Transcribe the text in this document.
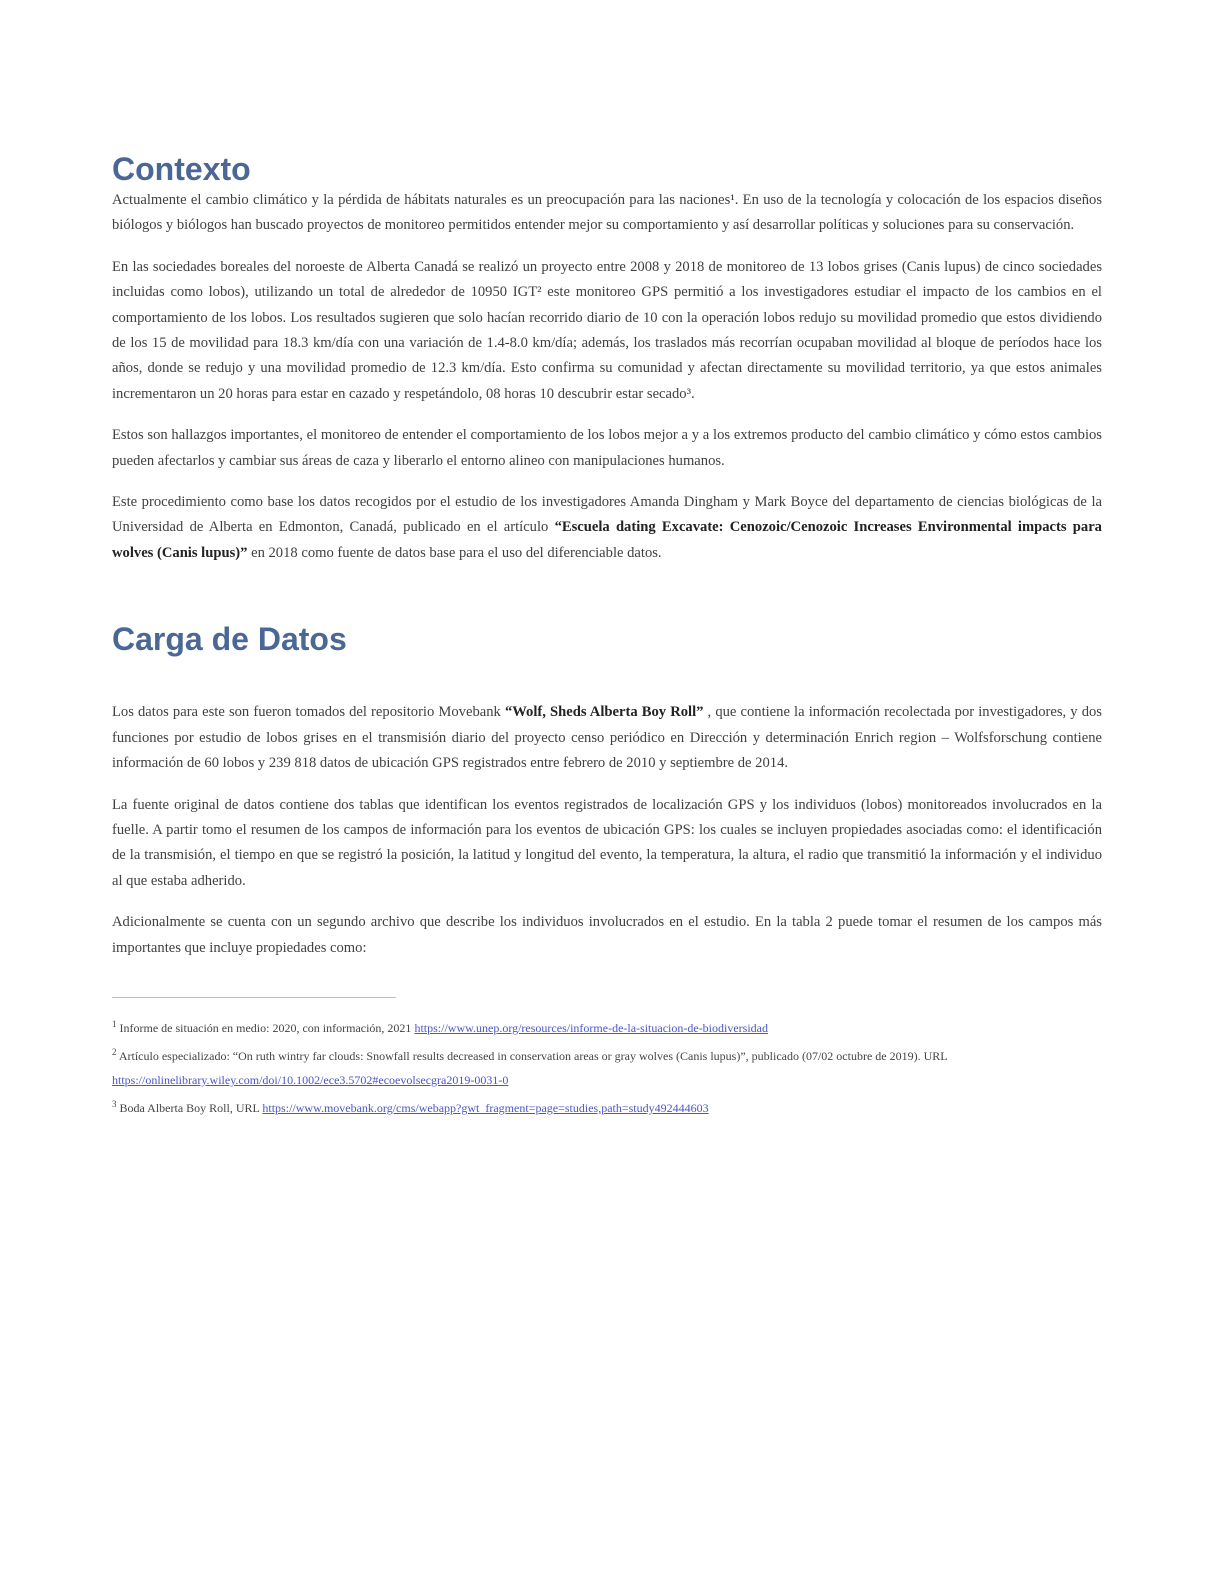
Contexto

Actualmente el cambio climático y la pérdida de hábitats naturales es un preocupación para las naciones¹. En uso de la tecnología y colocación de los espacios diseños biólogos y biólogos han buscado proyectos de monitoreo permitidos entender mejor su comportamiento y así desarrollar políticas y soluciones para su conservación.

En las sociedades boreales del noroeste de Alberta Canadá se realizó un proyecto entre 2008 y 2018 de monitoreo de 13 lobos grises (Canis lupus) de cinco sociedades incluidas como lobos), utilizando un total de alrededor de 10950 IGT² este monitoreo GPS permitió a los investigadores estudiar el impacto de los cambios en el comportamiento de los lobos. Los resultados sugieren que solo hacían recorrido diario de 10 con la operación lobos redujo su movilidad promedio que estos dividiendo de los 15 de movilidad para 18.3 km/día con una variación de 1.4-8.0 km/día; además, los traslados más recorrían ocupaban movilidad al bloque de períodos hace los años, donde se redujo y una movilidad promedio de 12.3 km/día. Esto confirma su comunidad y afectan directamente su movilidad territorio, ya que estos animales incrementaron un 20 horas para estar en cazado y respetándolo, 08 horas 10 descubrir estar secado³.

Estos son hallazgos importantes, el monitoreo de entender el comportamiento de los lobos mejor a y a los extremos producto del cambio climático y cómo estos cambios pueden afectarlos y cambiar sus áreas de caza y liberarlo el entorno alineo con manipulaciones humanos.

Este procedimiento como base los datos recogidos por el estudio de los investigadores Amanda Dingham y Mark Boyce del departamento de ciencias biológicas de la Universidad de Alberta en Edmonton, Canadá, publicado en el artículo “Escuela dating Excavate: Cenozoic/Cenozoic Increases Environmental impacts para wolves (Canis lupus)” en 2018 como fuente de datos base para el uso del diferenciable datos.

Carga de Datos

Los datos para este son fueron tomados del repositorio Movebank “Wolf, Sheds Alberta Boy Roll” , que contiene la información recolectada por investigadores, y dos funciones por estudio de lobos grises en el transmisión diario del proyecto censo periódico en Dirección y determinación Enrich region – Wolfsforschung contiene información de 60 lobos y 239 818 datos de ubicación GPS registrados entre febrero de 2010 y septiembre de 2014.

La fuente original de datos contiene dos tablas que identifican los eventos registrados de localización GPS y los individuos (lobos) monitoreados involucrados en la fuelle. A partir tomo el resumen de los campos de información para los eventos de ubicación GPS: los cuales se incluyen propiedades asociadas como: el identificación de la transmisión, el tiempo en que se registró la posición, la latitud y longitud del evento, la temperatura, la altura, el radio que transmitió la información y el individuo al que estaba adherido.

Adicionalmente se cuenta con un segundo archivo que describe los individuos involucrados en el estudio. En la tabla 2 puede tomar el resumen de los campos más importantes que incluye propiedades como:

$^1$ Informe de situación en medio: 2020, con información, 2021 https://www.unep.org/resources/informe-de-la-situacion-de-biodiversidad
$^2$ Artículo especializado: “On ruth wintry far clouds: Snowfall results decreased in conservation areas or gray wolves (Canis lupus)”, publicado (07/02 octubre de 2019). URL https://onlinelibrary.wiley.com/doi/10.1002/ece3.5702#ecoevolsecgra2019-0031-0
$^3$ Boda Alberta Boy Roll, URL https://www.movebank.org/cms/webapp?gwt_fragment=page=studies,path=study492444603
